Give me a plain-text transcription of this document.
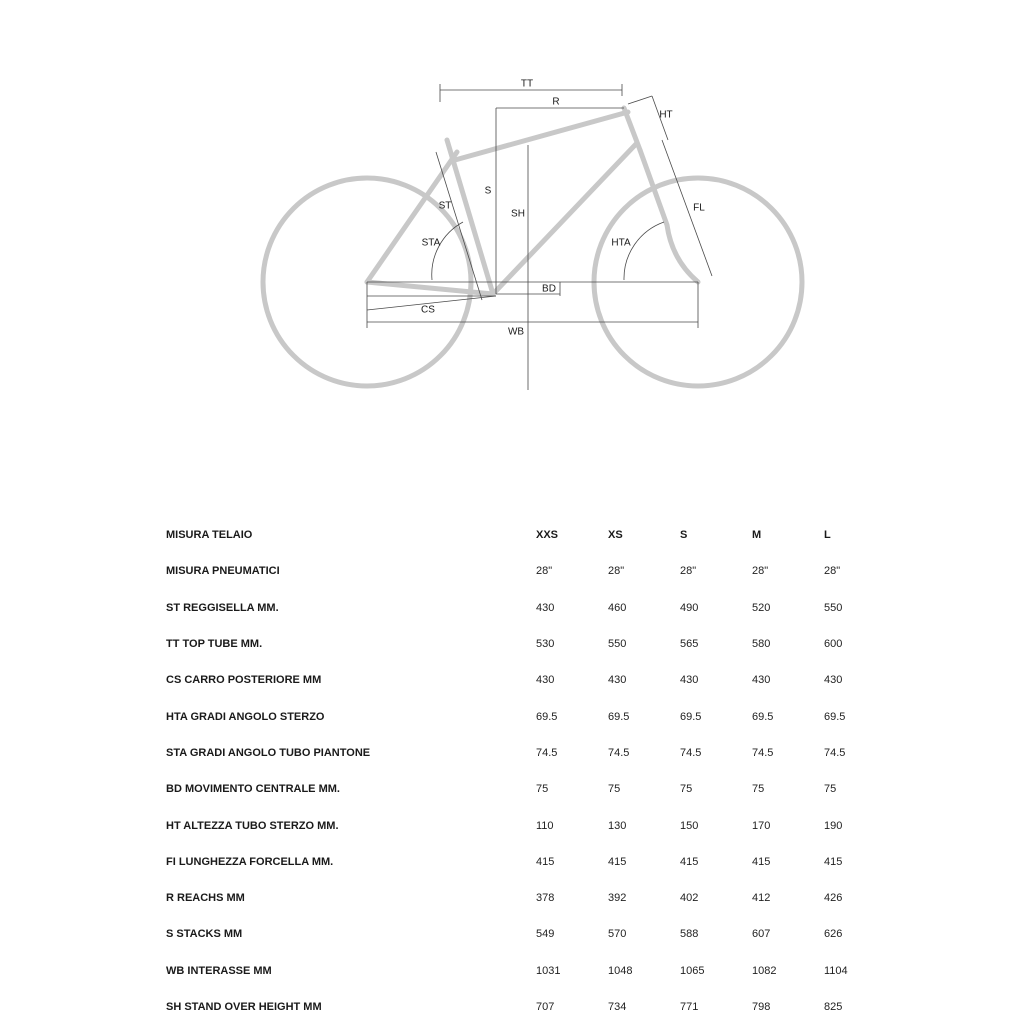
TT
R
HT
S
ST
SH
FL
STA	HTA
BD
CS
WB
	MISURA TELAIO	XXS	XS	S	M	L
	MISURA PNEUMATICI	28"	28"	28"	28"	28"
	ST REGGISELLA MM.	430	460	490	520	550
	TT TOP TUBE MM.	530	550	565	580	600
	CS CARRO POSTERIORE MM	430	430	430	430	430
	HTA GRADI ANGOLO STERZO	69.5	69.5	69.5	69.5	69.5
	STA GRADI ANGOLO TUBO PIANTONE	74.5	74.5	74.5	74.5	74.5
	BD MOVIMENTO CENTRALE MM.	75	75	75	75	75
	HT ALTEZZA TUBO STERZO MM.	110	130	150	170	190
	FI LUNGHEZZA FORCELLA MM.	415	415	415	415	415
	R REACHS MM	378	392	402	412	426
	S STACKS MM	549	570	588	607	626
	WB INTERASSE MM	1031	1048	1065	1082	1104
	SH STAND OVER HEIGHT MM	707	734	771	798	825
